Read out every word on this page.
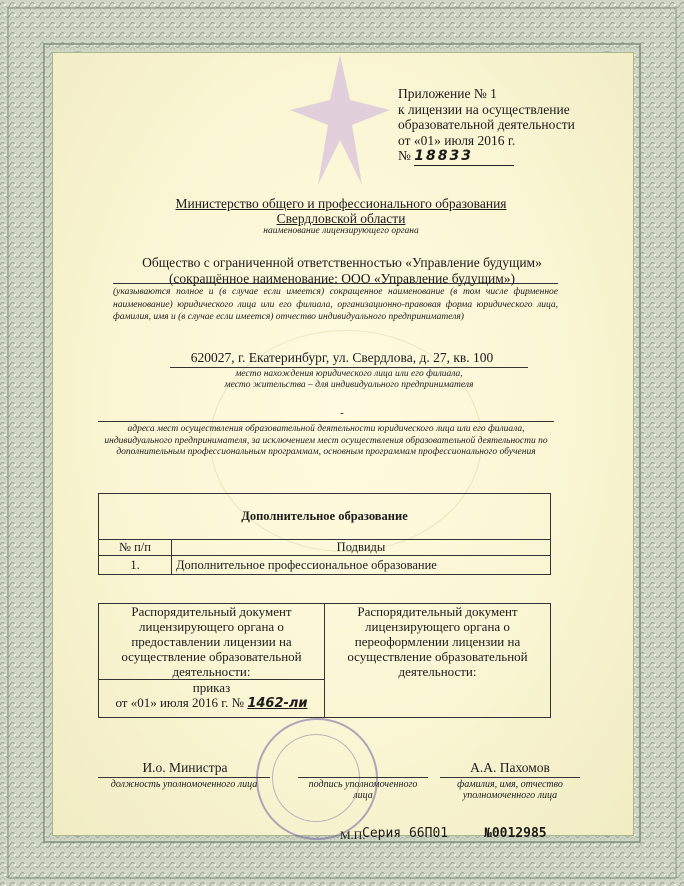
Приложение № 1
к лицензии на осуществление
образовательной деятельности
от «01» июля 2016 г.
№ 18833
Министерство общего и профессионального образования
Свердловской области
наименование лицензирующего органа
Общество с ограниченной ответственностью «Управление будущим»
(сокращённое наименование: ООО «Управление будущим»)
(указываются полное и (в случае если имеется) сокращенное наименование (в том числе фирменное наименование) юридического лица или его филиала, организационно-правовая форма юридического лица, фамилия, имя и (в случае если имеется) отчество индивидуального предпринимателя)
620027, г. Екатеринбург, ул. Свердлова, д. 27, кв. 100
место нахождения юридического лица или его филиала,
место жительства – для индивидуального предпринимателя
-
адреса мест осуществления образовательной деятельности юридического лица или его филиала, индивидуального предпринимателя, за исключением мест осуществления образовательной деятельности по дополнительным профессиональным программам, основным программам профессионального обучения
Дополнительное образование	
№ п/п	Подвиды
1.	Дополнительное профессиональное образование
Распорядительный документ лицензирующего органа о предоставлении лицензии на осуществление образовательной деятельности:	Распорядительный документ лицензирующего органа о переоформлении лицензии на осуществление образовательной деятельности:

приказ
от «01» июля 2016 г. № 1462-ли
И.о. Министра
должность уполномоченного лица	подпись уполномоченного лица
А.А. Пахомов
фамилия, имя, отчество уполномоченного лица
М.П.
Серия 66П01	№0012985
